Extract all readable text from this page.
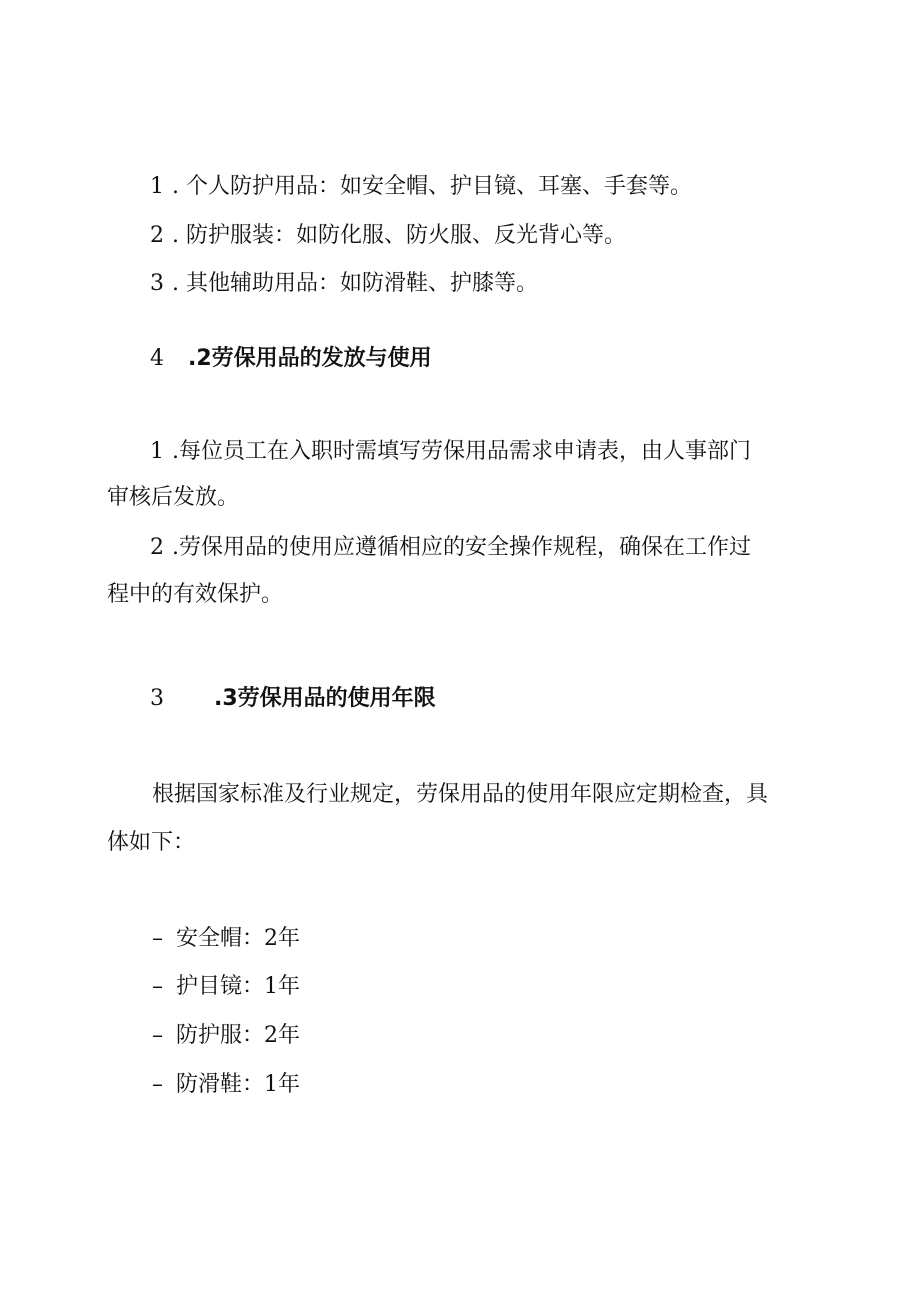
1 . 个人防护用品：如安全帽、护目镜、耳塞、手套等。
2 . 防护服装：如防化服、防火服、反光背心等。
3 . 其他辅助用品：如防滑鞋、护膝等。
4 .2劳保用品的发放与使用
1 .每位员工在入职时需填写劳保用品需求申请表，由人事部门
审核后发放。
2 .劳保用品的使用应遵循相应的安全操作规程，确保在工作过
程中的有效保护。
3 .3劳保用品的使用年限
根据国家标准及行业规定，劳保用品的使用年限应定期检查，具
体如下：
– 安全帽：2年
– 护目镜：1年
– 防护服：2年
– 防滑鞋：1年
